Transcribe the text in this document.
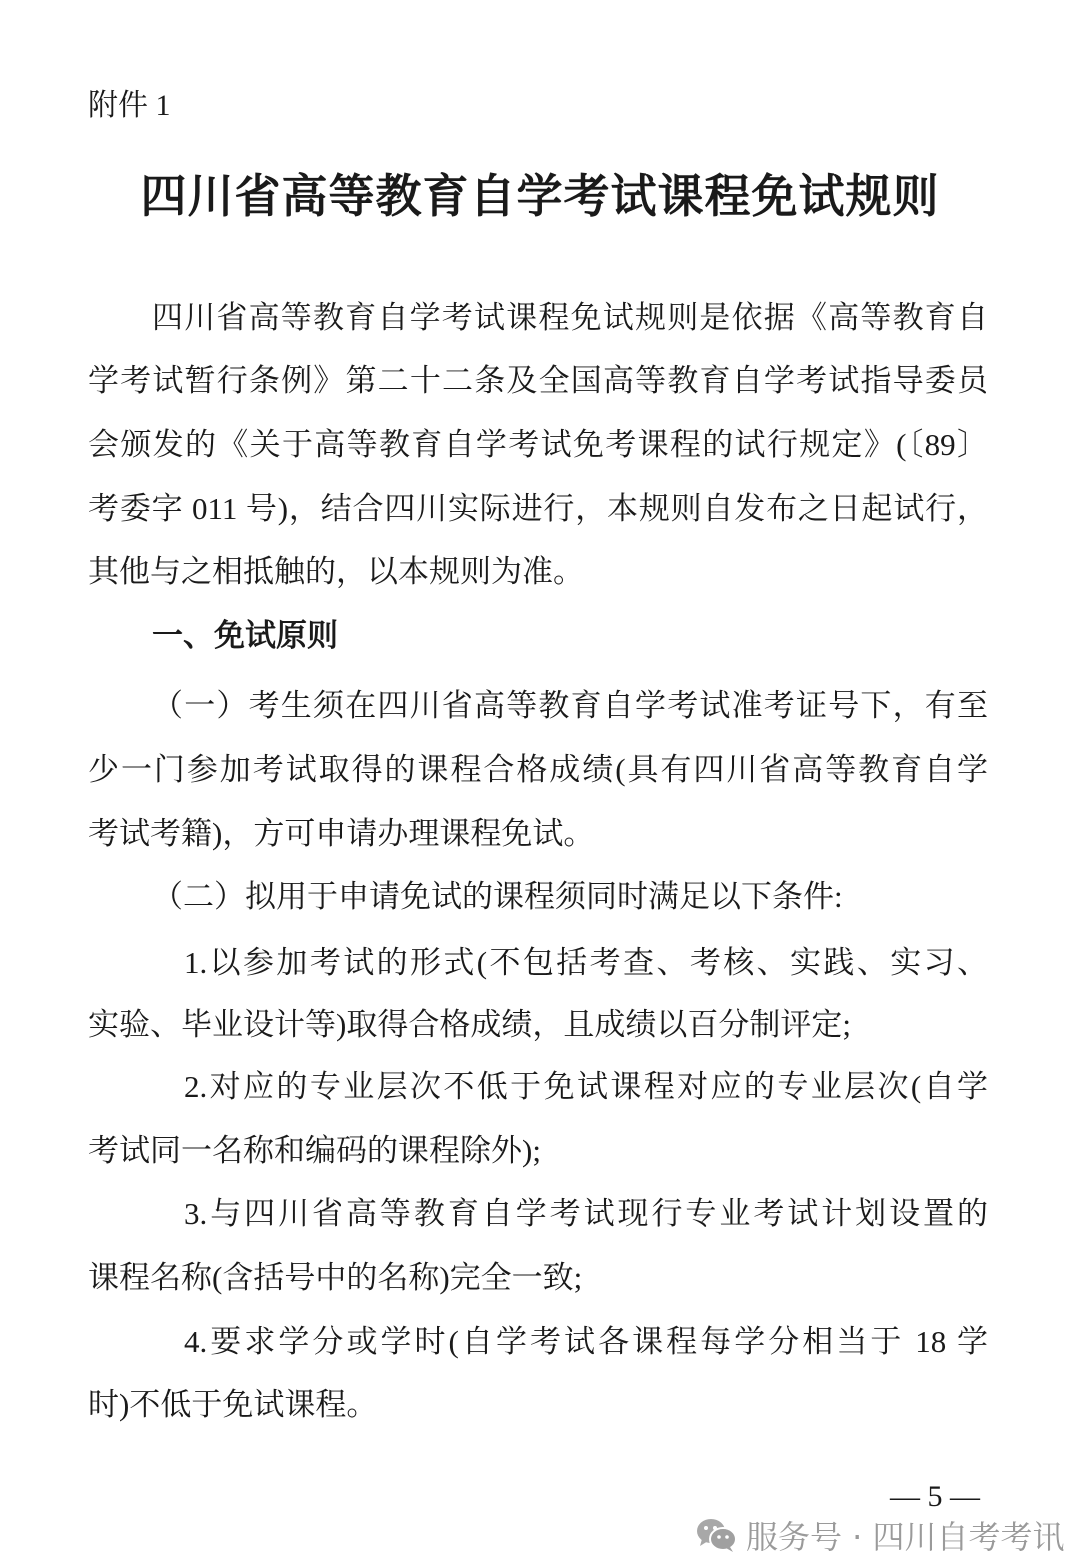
附件 1
四川省高等教育自学考试课程免试规则
四川省高等教育自学考试课程免试规则是依据《高等教育自
学考试暂行条例》第二十二条及全国高等教育自学考试指导委员
会颁发的《关于高等教育自学考试免考课程的试行规定》(〔89〕
考委字 011 号)，结合四川实际进行，本规则自发布之日起试行，
其他与之相抵触的，以本规则为准。
一、免试原则
（一）考生须在四川省高等教育自学考试准考证号下，有至
少一门参加考试取得的课程合格成绩(具有四川省高等教育自学
考试考籍)，方可申请办理课程免试。
（二）拟用于申请免试的课程须同时满足以下条件:
1.以参加考试的形式(不包括考查、考核、实践、实习、
实验、毕业设计等)取得合格成绩，且成绩以百分制评定;
2.对应的专业层次不低于免试课程对应的专业层次(自学
考试同一名称和编码的课程除外);
3.与四川省高等教育自学考试现行专业考试计划设置的
课程名称(含括号中的名称)完全一致;
4.要求学分或学时(自学考试各课程每学分相当于 18 学
时)不低于免试课程。
— 5 —
服务号 · 四川自考考讯
